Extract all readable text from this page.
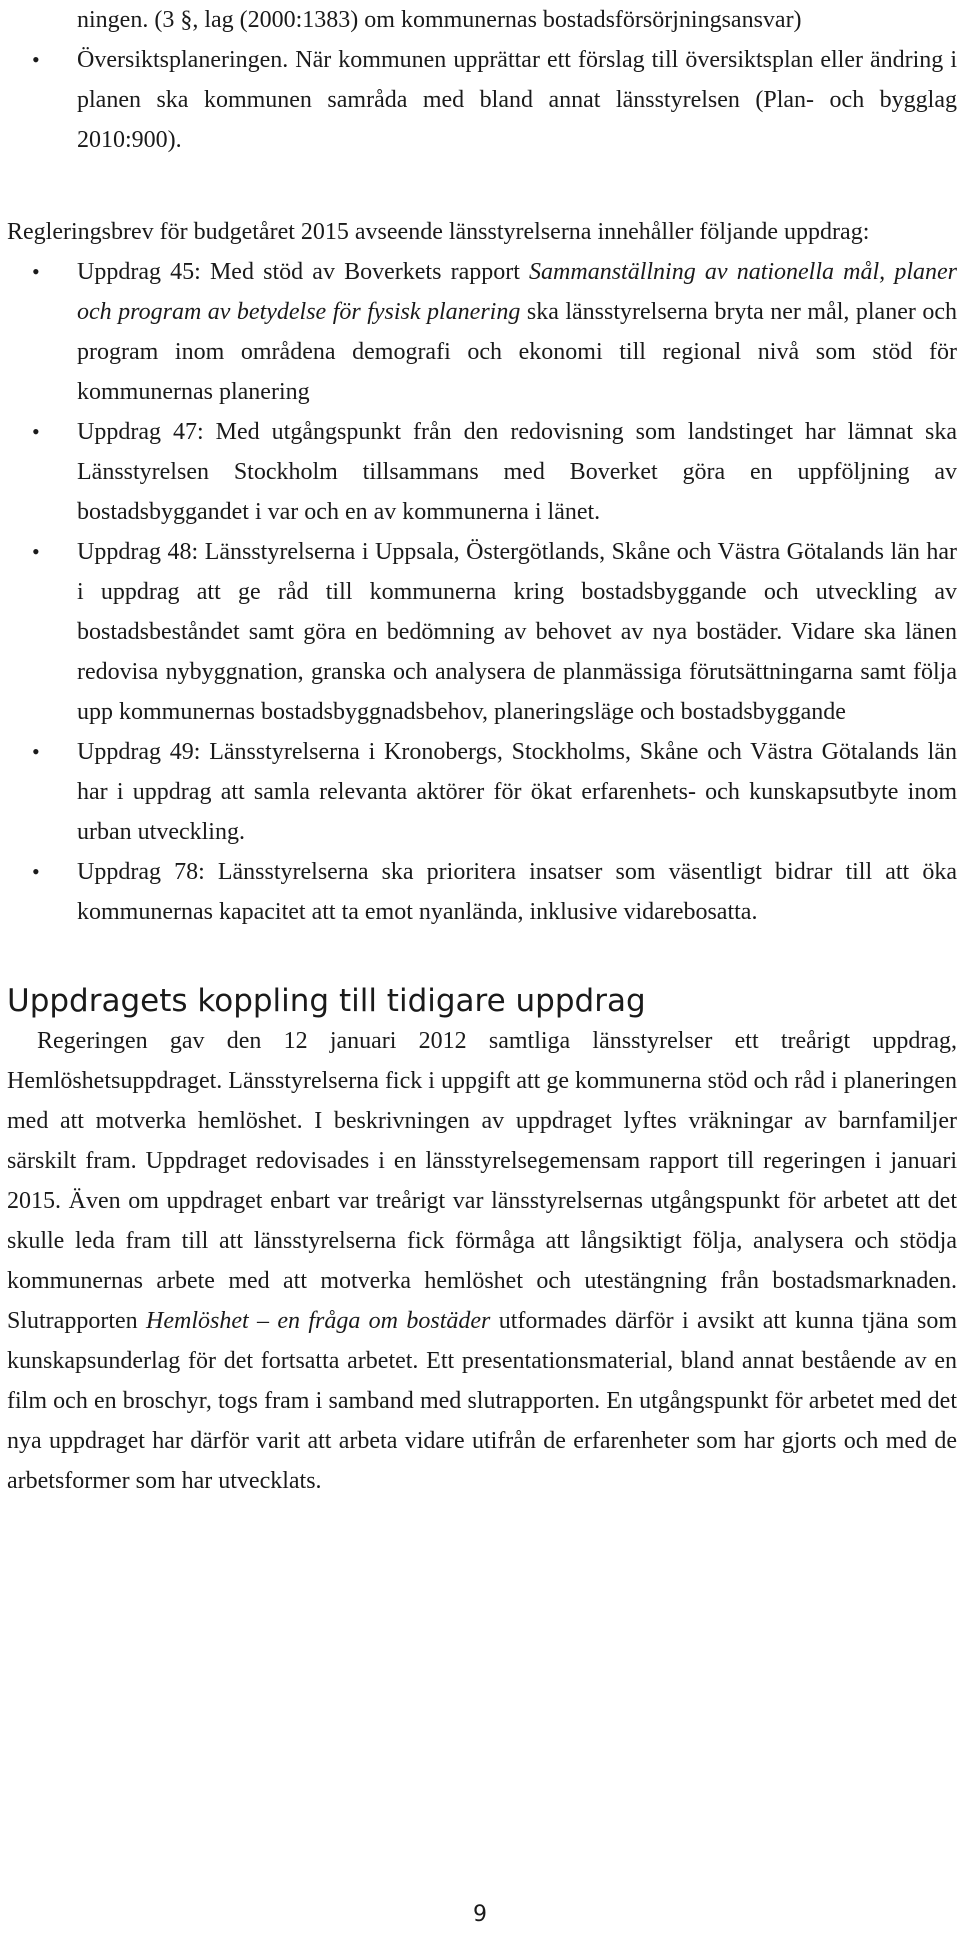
ningen. (3 §, lag (2000:1383) om kommunernas bostadsförsörjningsansvar)

• Översiktsplaneringen. När kommunen upprättar ett förslag till översiktsplan eller ändring i planen ska kommunen samråda med bland annat länsstyrelsen (Plan- och bygglag 2010:900).

Regleringsbrev för budgetåret 2015 avseende länsstyrelserna innehåller följande uppdrag:

• Uppdrag 45: Med stöd av Boverkets rapport Sammanställning av nationella mål, planer och program av betydelse för fysisk planering ska länsstyrelserna bryta ner mål, planer och program inom områdena demografi och ekonomi till regional nivå som stöd för kommunernas planering

• Uppdrag 47: Med utgångspunkt från den redovisning som landstinget har lämnat ska Länsstyrelsen Stockholm tillsammans med Boverket göra en uppföljning av bostadsbyggandet i var och en av kommunerna i länet.

• Uppdrag 48: Länsstyrelserna i Uppsala, Östergötlands, Skåne och Västra Götalands län har i uppdrag att ge råd till kommunerna kring bostadsbyggande och utveckling av bostadsbeståndet samt göra en bedömning av behovet av nya bostäder. Vidare ska länen redovisa nybyggnation, granska och analysera de planmässiga förutsättningarna samt följa upp kommunernas bostadsbyggnadsbehov, planeringsläge och bostadsbyggande

• Uppdrag 49: Länsstyrelserna i Kronobergs, Stockholms, Skåne och Västra Götalands län har i uppdrag att samla relevanta aktörer för ökat erfarenhets- och kunskapsutbyte inom urban utveckling.

• Uppdrag 78: Länsstyrelserna ska prioritera insatser som väsentligt bidrar till att öka kommunernas kapacitet att ta emot nyanlända, inklusive vidarebosatta.

Uppdragets koppling till tidigare uppdrag

Regeringen gav den 12 januari 2012 samtliga länsstyrelser ett treårigt uppdrag, Hemlöshetsuppdraget. Länsstyrelserna fick i uppgift att ge kommunerna stöd och råd i planeringen med att motverka hemlöshet. I beskrivningen av uppdraget lyftes vräkningar av barnfamiljer särskilt fram. Uppdraget redovisades i en länsstyrelsegemensam rapport till regeringen i januari 2015. Även om uppdraget enbart var treårigt var länsstyrelsernas utgångspunkt för arbetet att det skulle leda fram till att länsstyrelserna fick förmåga att långsiktigt följa, analysera och stödja kommunernas arbete med att motverka hemlöshet och utestängning från bostadsmarknaden. Slutrapporten Hemlöshet – en fråga om bostäder utformades därför i avsikt att kunna tjäna som kunskapsunderlag för det fortsatta arbetet. Ett presentationsmaterial, bland annat bestående av en film och en broschyr, togs fram i samband med slutrapporten. En utgångspunkt för arbetet med det nya uppdraget har därför varit att arbeta vidare utifrån de erfarenheter som har gjorts och med de arbetsformer som har utvecklats.

9
